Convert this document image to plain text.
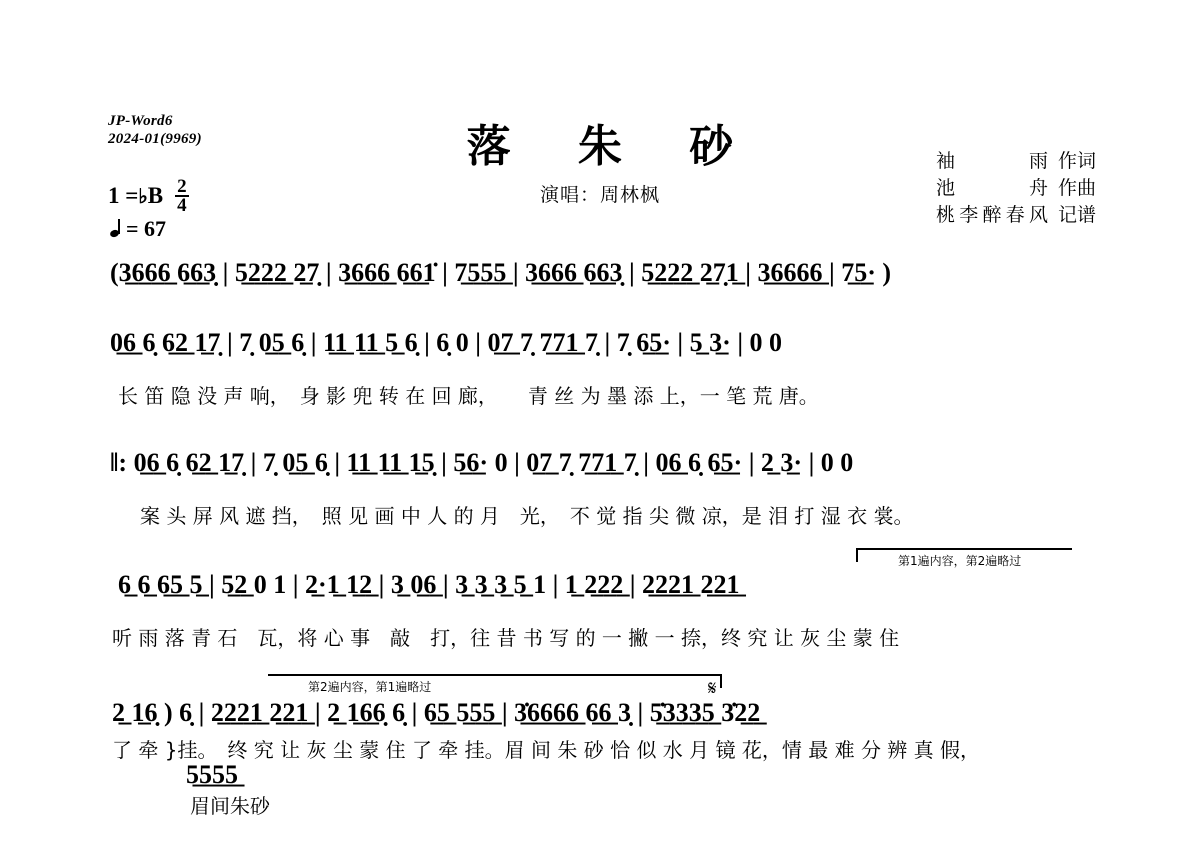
JP-Word6
2024-01(9969)	落 朱 砂
演唱：周林枫
袖雨 作词
池舟 作曲
桃李醉春风 记谱
1 = ♭ B $\frac{2}{4}$
= 67
(3̲6̲6̲6̲ 6̲6̲3̣ | 5̲2̲2̲2̲ 2̲7̣ | 3̲6̲6̲6̲ 6̲6̲1̇ | 7̲5̲5̲5̲ | 3̲6̲6̲6̲ 6̲6̲3̣ | 5̲2̲2̲2̲ 2̲7̣1̲ | 3̲6̲6̲6̲6̲ | 7̲5̲· )
0̲6̲ 6̣ 6̲2̲ 1̲7̣ | 7̣ 0̲5̲ 6̣ | 1̲1̲ 1̲1̲ 5̲ 6̣ | 6̣ 0 | 0̲7̲ 7̣ 7̲7̲1̲ 7̣ | 7̣ 6̲5̲· | 5̲ 3̲· | 0 0
长 笛 隐 没 声 响，　身 影 兜 转 在 回 廊，　　青 丝 为 墨 添 上，一 笔 荒 唐。
‖: 0̲6̲ 6̣ 6̲2̲ 1̲7̣ | 7̣ 0̲5̲ 6̣ | 1̲1̲ 1̲1̲ 1̲5̣ | 5̲6̲· 0 | 0̲7̲ 7̣ 7̲7̲1̲ 7̣ | 0̲6̲ 6̣ 6̲5̲· | 2̲ 3̲· | 0 0
案 头 屏 风 遮 挡，　照 见 画 中 人 的 月　光，　不 觉 指 尖 微 凉，是 泪 打 湿 衣 裳。
第1遍内容，第2遍略过
6̲ 6̲ 6̲5̲ 5̲ | 5̲2̲ 0 1 | 2̲·1̲ 1̲2̲ | 3̲ 0̲6̲ | 3̲ 3̲ 3̲ 5̲ 1 | 1̲ 2̲2̲2̲ | 2̲2̲2̲1̲ 2̲2̲1̲
听 雨 落 青 石　瓦，将 心 事　敲　打，往 昔 书 写 的 一 撇 一 捺，终 究 让 灰 尘 蒙 住
第2遍内容，第1遍略过	𝄋
2̲ 1̲6̣ ) 6̣ | 2̲2̲2̲1̲ 2̲2̲1̲ | 2̲ 1̲6̲6̣ 6̣ | 6̲5̲ 5̲5̲5̲ | 3̲̇6̲6̲6̲6̲ 6̲6̲ 3̣ | 5̲̇3̲3̲3̲5̲ 3̇2̲2̲
5̲5̲5̲5̲
了 牵 }挂。　终 究 让 灰 尘 蒙 住 了 牵 挂。眉 间 朱 砂 恰 似 水 月 镜 花，情 最 难 分 辨 真 假，
眉间朱砂
